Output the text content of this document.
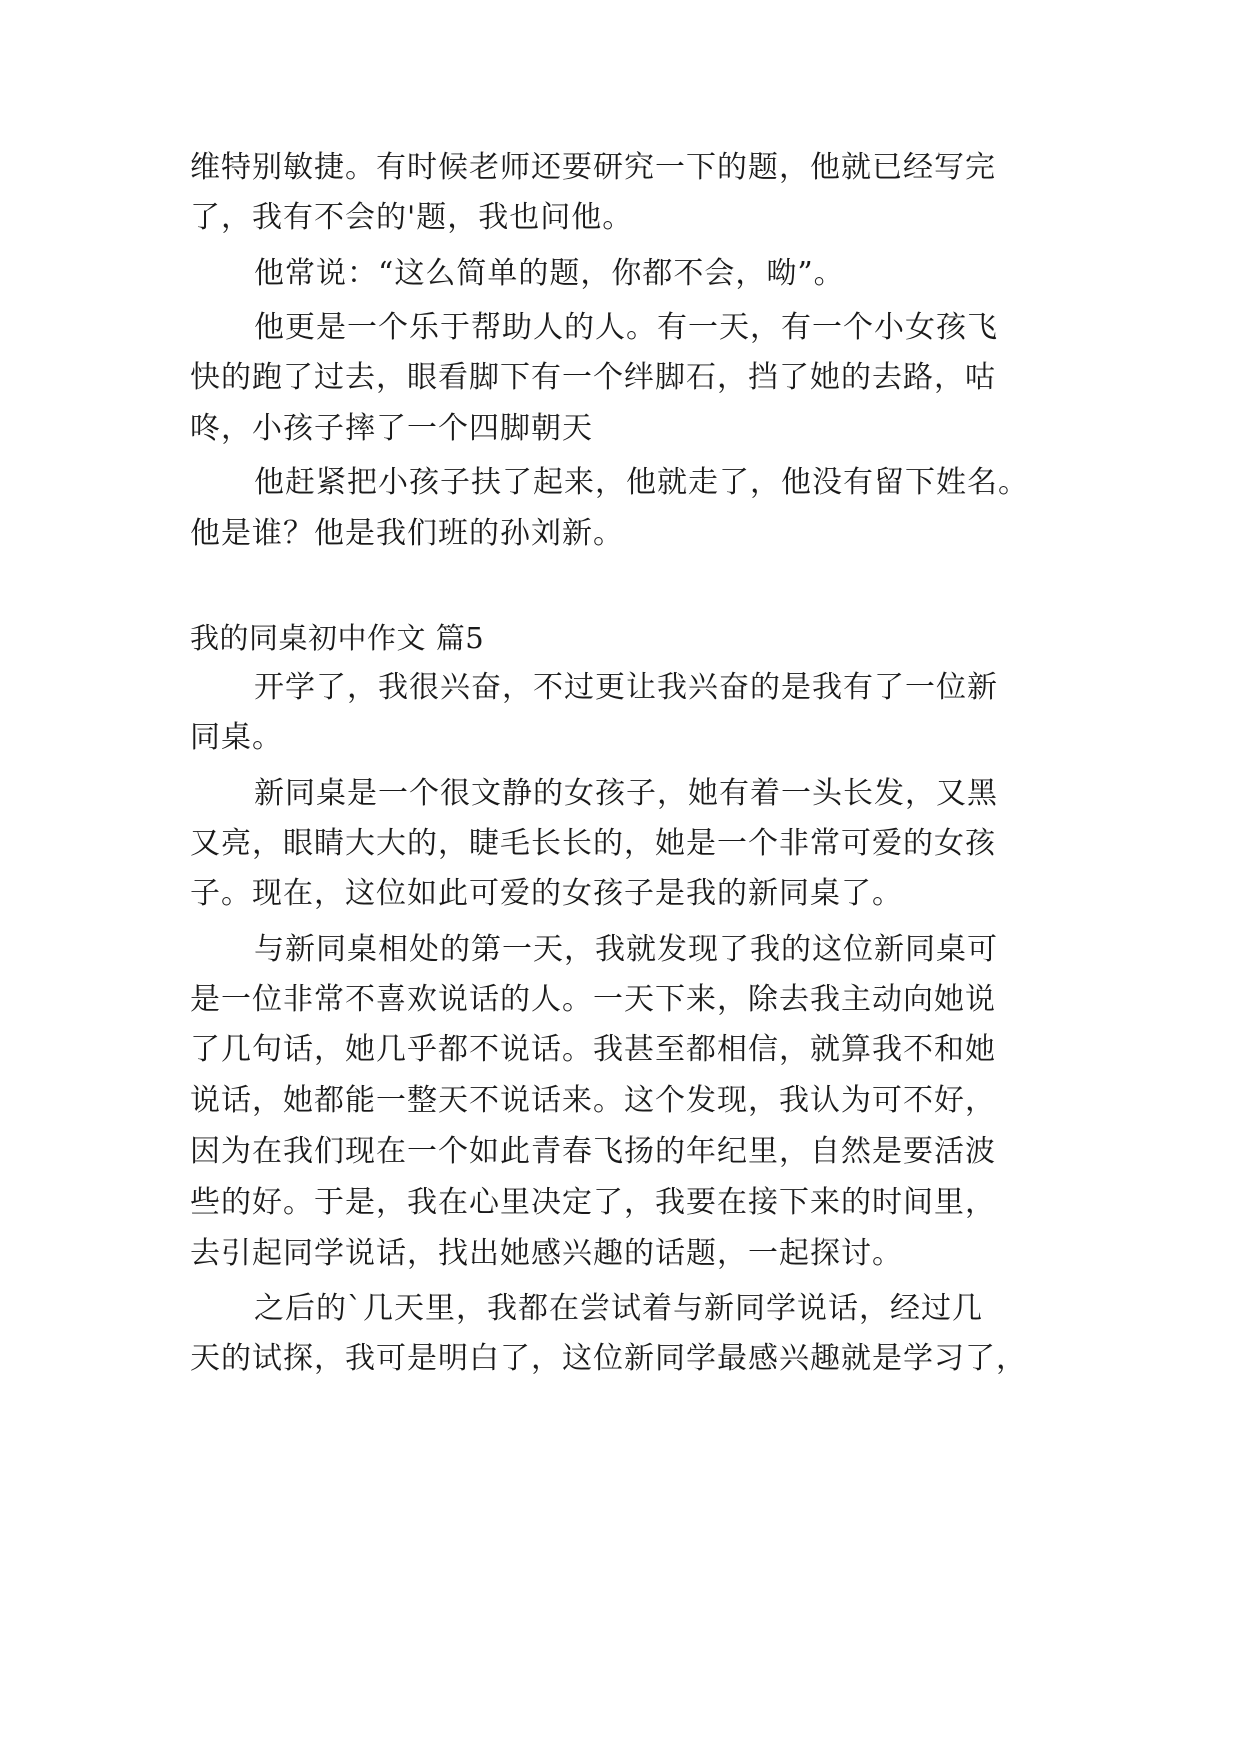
维特别敏捷。有时候老师还要研究一下的题，他就已经写完
了，我有不会的'题，我也问他。
他常说：“这么简单的题，你都不会，呦”。
他更是一个乐于帮助人的人。有一天，有一个小女孩飞
快的跑了过去，眼看脚下有一个绊脚石，挡了她的去路，咕
咚，小孩子摔了一个四脚朝天
他赶紧把小孩子扶了起来，他就走了，他没有留下姓名。
他是谁？他是我们班的孙刘新。
我的同桌初中作文 篇5
开学了，我很兴奋，不过更让我兴奋的是我有了一位新
同桌。
新同桌是一个很文静的女孩子，她有着一头长发，又黑
又亮，眼睛大大的，睫毛长长的，她是一个非常可爱的女孩
子。现在，这位如此可爱的女孩子是我的新同桌了。
与新同桌相处的第一天，我就发现了我的这位新同桌可
是一位非常不喜欢说话的人。一天下来，除去我主动向她说
了几句话，她几乎都不说话。我甚至都相信，就算我不和她
说话，她都能一整天不说话来。这个发现，我认为可不好，
因为在我们现在一个如此青春飞扬的年纪里，自然是要活波
些的好。于是，我在心里决定了，我要在接下来的时间里，
去引起同学说话，找出她感兴趣的话题，一起探讨。
之后的`几天里，我都在尝试着与新同学说话，经过几
天的试探，我可是明白了，这位新同学最感兴趣就是学习了，
